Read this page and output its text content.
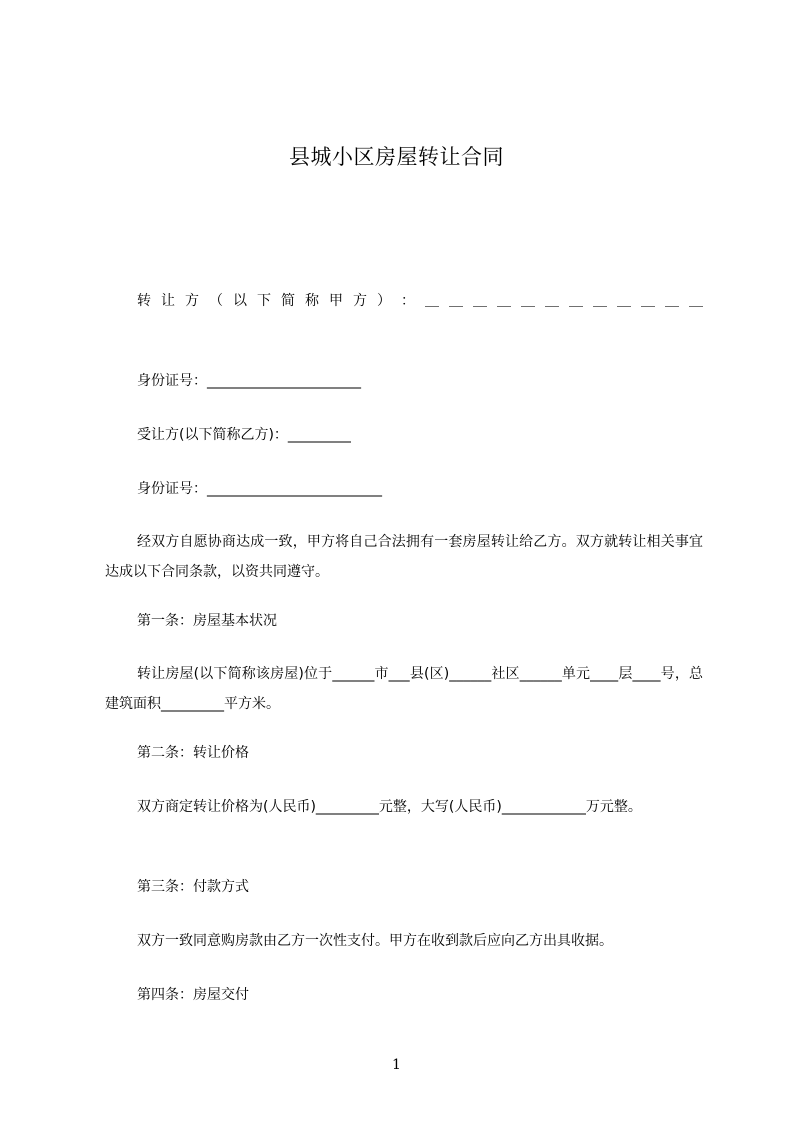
县城小区房屋转让合同
转 让 方 （ 以 下 简 称 甲 方 ） ： ＿ ＿ ＿ ＿ ＿ ＿ ＿ ＿ ＿ ＿ ＿ ＿
身份证号：______________________
受让方(以下简称乙方)：_________
身份证号：_________________________
经双方自愿协商达成一致，甲方将自己合法拥有一套房屋转让给乙方。双方就转让相关事宜达成以下合同条款，以资共同遵守。
第一条：房屋基本状况
转让房屋(以下简称该房屋)位于______市___县(区)______社区______单元____层____号，总建筑面积_________平方米。
第二条：转让价格
双方商定转让价格为(人民币)_________元整，大写(人民币)____________万元整。
第三条：付款方式
双方一致同意购房款由乙方一次性支付。甲方在收到款后应向乙方出具收据。
第四条：房屋交付
1
